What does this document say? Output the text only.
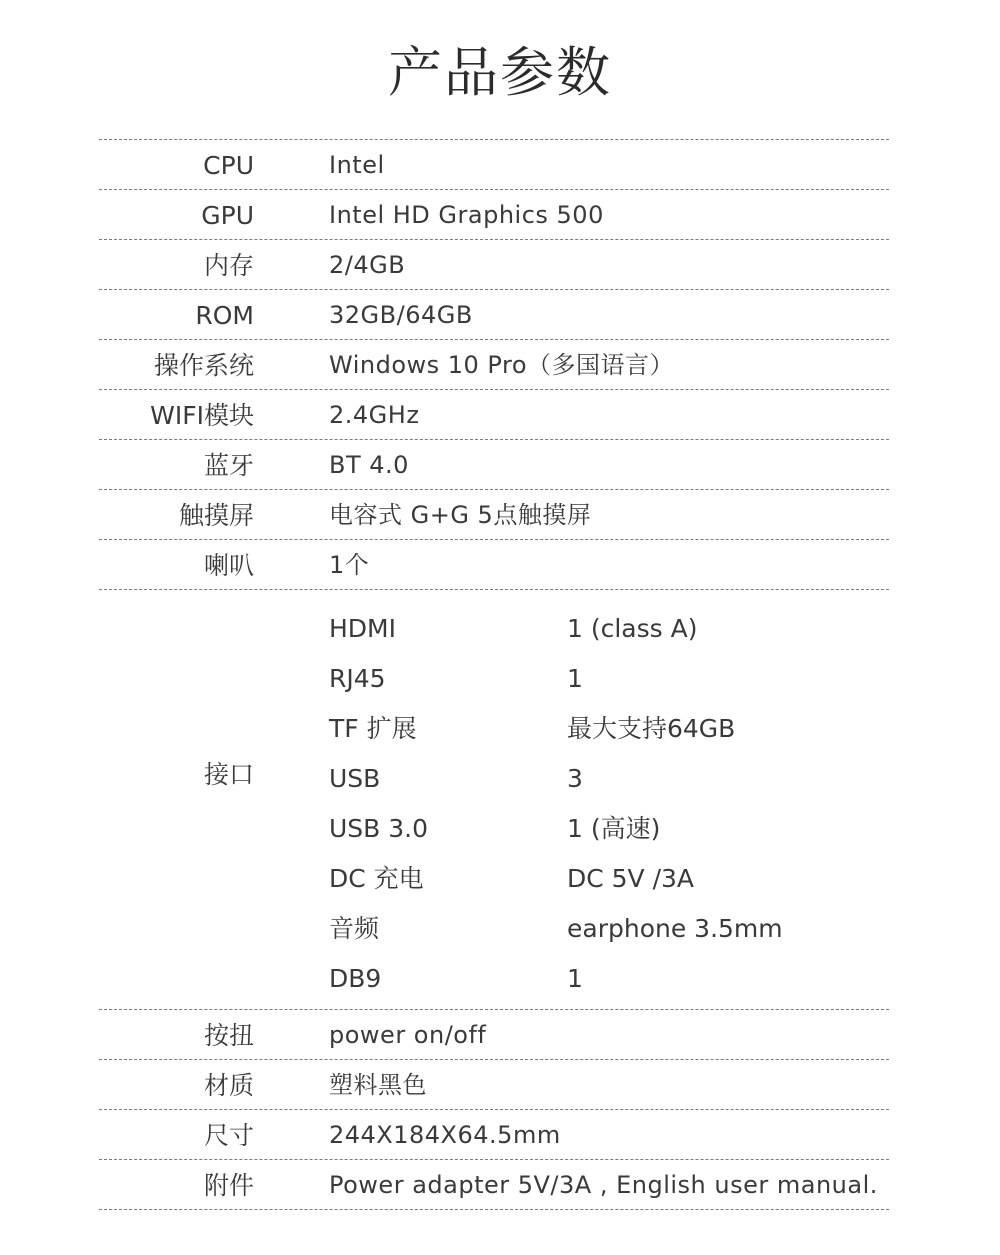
产品参数
CPU	Intel
GPU	Intel HD Graphics 500
内存	2/4GB
ROM	32GB/64GB
操作系统	Windows 10 Pro（多国语言）
WIFI模块	2.4GHz
蓝牙	BT 4.0
触摸屏	电容式 G+G 5点触摸屏
喇叭	1个
接口
HDMI	1 (class A)
RJ45	1
TF 扩展	最大支持64GB
USB	3
USB 3.0	1 (高速)
DC 充电	DC 5V /3A
音频	earphone 3.5mm
DB9	1
按扭	power on/off
材质	塑料黑色
尺寸	244X184X64.5mm
附件	Power adapter 5V/3A , English user manual.
